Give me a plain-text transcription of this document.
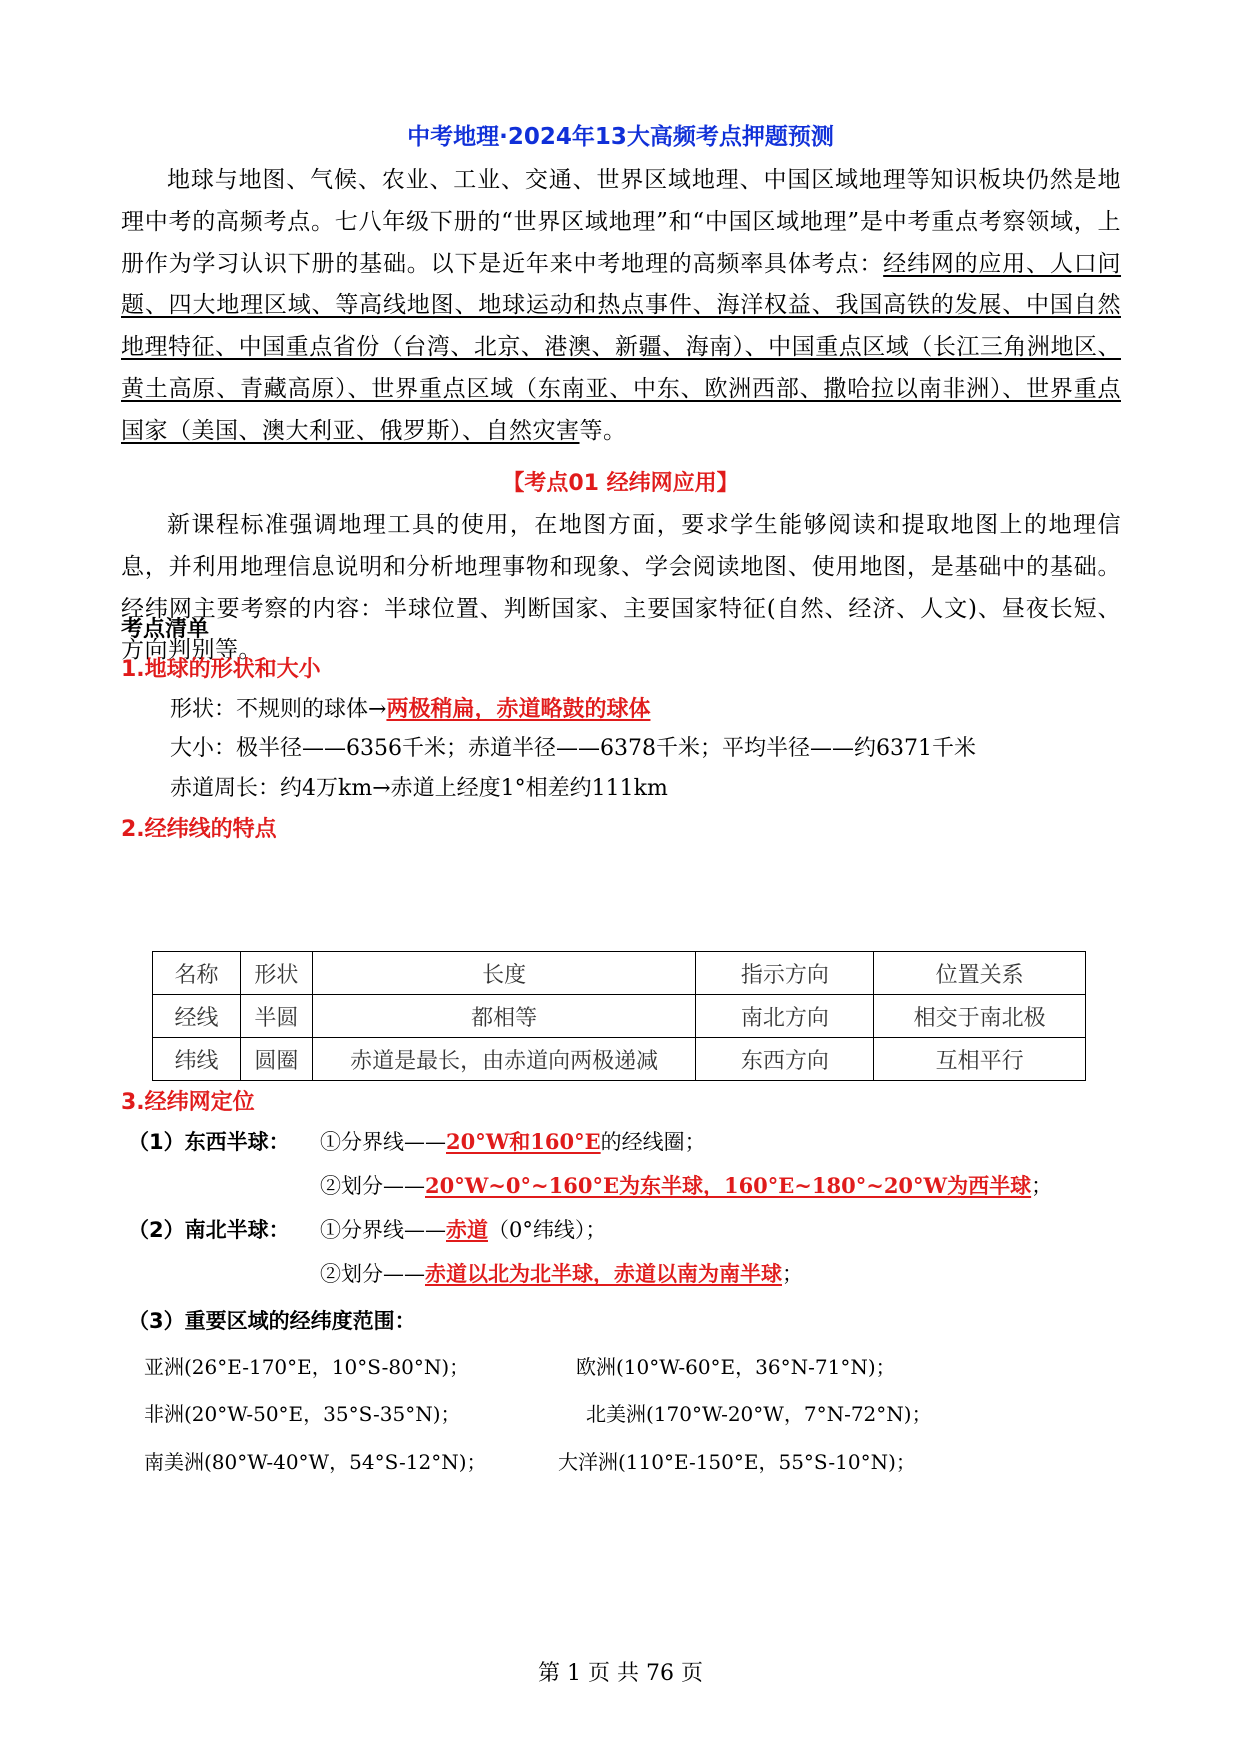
中考地理·2024年13大高频考点押题预测
地球与地图、气候、农业、工业、交通、世界区域地理、中国区域地理等知识板块仍然是地理中考的高频考点。七八年级下册的“世界区域地理”和“中国区域地理”是中考重点考察领域，上册作为学习认识下册的基础。以下是近年来中考地理的高频率具体考点：经纬网的应用、人口问题、四大地理区域、等高线地图、地球运动和热点事件、海洋权益、我国高铁的发展、中国自然地理特征、中国重点省份（台湾、北京、港澳、新疆、海南）、中国重点区域（长江三角洲地区、黄土高原、青藏高原）、世界重点区域（东南亚、中东、欧洲西部、撒哈拉以南非洲）、世界重点国家（美国、澳大利亚、俄罗斯）、自然灾害等。
【考点01 经纬网应用】
新课程标准强调地理工具的使用，在地图方面，要求学生能够阅读和提取地图上的地理信息，并利用地理信息说明和分析地理事物和现象、学会阅读地图、使用地图，是基础中的基础。经纬网主要考察的内容：半球位置、判断国家、主要国家特征(自然、经济、人文)、昼夜长短、方向判别等。
考点清单
1.地球的形状和大小
形状：不规则的球体→两极稍扁，赤道略鼓的球体
大小：极半径——6356千米；赤道半径——6378千米；平均半径——约6371千米
赤道周长：约4万km→赤道上经度1°相差约111km
2.经纬线的特点
名称	形状	长度	指示方向	位置关系
经线	半圆	都相等	南北方向	相交于南北极
纬线	圆圈	赤道是最长，由赤道向两极递减	东西方向	互相平行
3.经纬网定位
（1）东西半球： ①分界线——20°W和160°E的经线圈；
②划分——20°W~0°~160°E为东半球，160°E~180°~20°W为西半球；
（2）南北半球： ①分界线——赤道（0°纬线）；
②划分——赤道以北为北半球，赤道以南为南半球；
（3）重要区域的经纬度范围：
亚洲(26°E-170°E，10°S-80°N)；	欧洲(10°W-60°E，36°N-71°N)；
非洲(20°W-50°E，35°S-35°N)；	北美洲(170°W-20°W，7°N-72°N)；
南美洲(80°W-40°W，54°S-12°N)；	大洋洲(110°E-150°E，55°S-10°N)；
第 1 页 共 76 页
